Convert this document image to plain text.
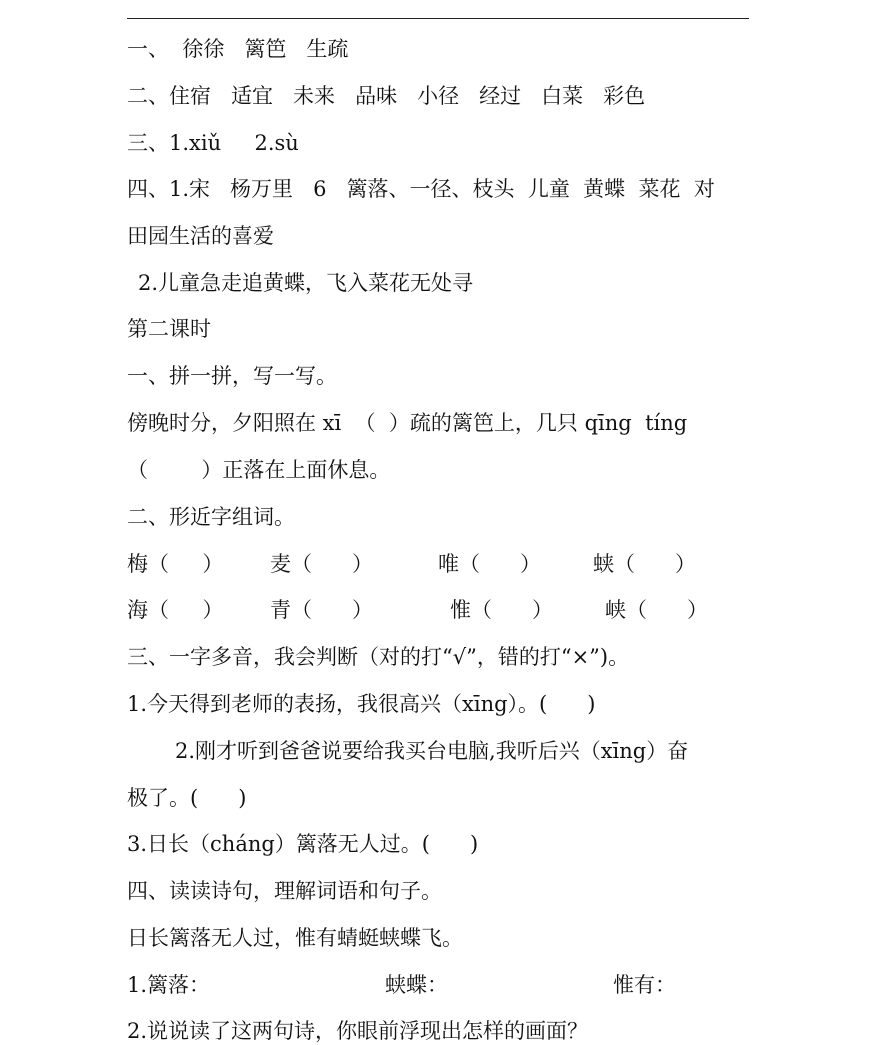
一、  徐徐   篱笆   生疏
二、住宿   适宜   未来   品味   小径   经过   白菜   彩色
三、1.xiǔ     2.sù
四、1.宋   杨万里   6   篱落、一径、枝头  儿童  黄蝶  菜花  对
田园生活的喜爱
2.儿童急走追黄蝶，飞入菜花无处寻
第二课时
一、拼一拼，写一写。
傍晚时分，夕阳照在 xī  （  ）疏的篱笆上，几只 qīng  tíng
（        ）正落在上面休息。
二、形近字组词。
梅（     ） 麦（      ）	唯（      ） 蛱（      ）
海（     ） 青（      ）	惟（      ） 峡（      ）
三、一字多音，我会判断（对的打“√”，错的打“×”)。
1.今天得到老师的表扬，我很高兴（xīng）。(      )
2.刚才听到爸爸说要给我买台电脑,我听后兴（xīng）奋
极了。(      )
3.日长（cháng）篱落无人过。(      )
四、读读诗句，理解词语和句子。
日长篱落无人过，惟有蜻蜓蛱蝶飞。
1.篱落：	蛱蝶：	惟有：
2.说说读了这两句诗，你眼前浮现出怎样的画面？
